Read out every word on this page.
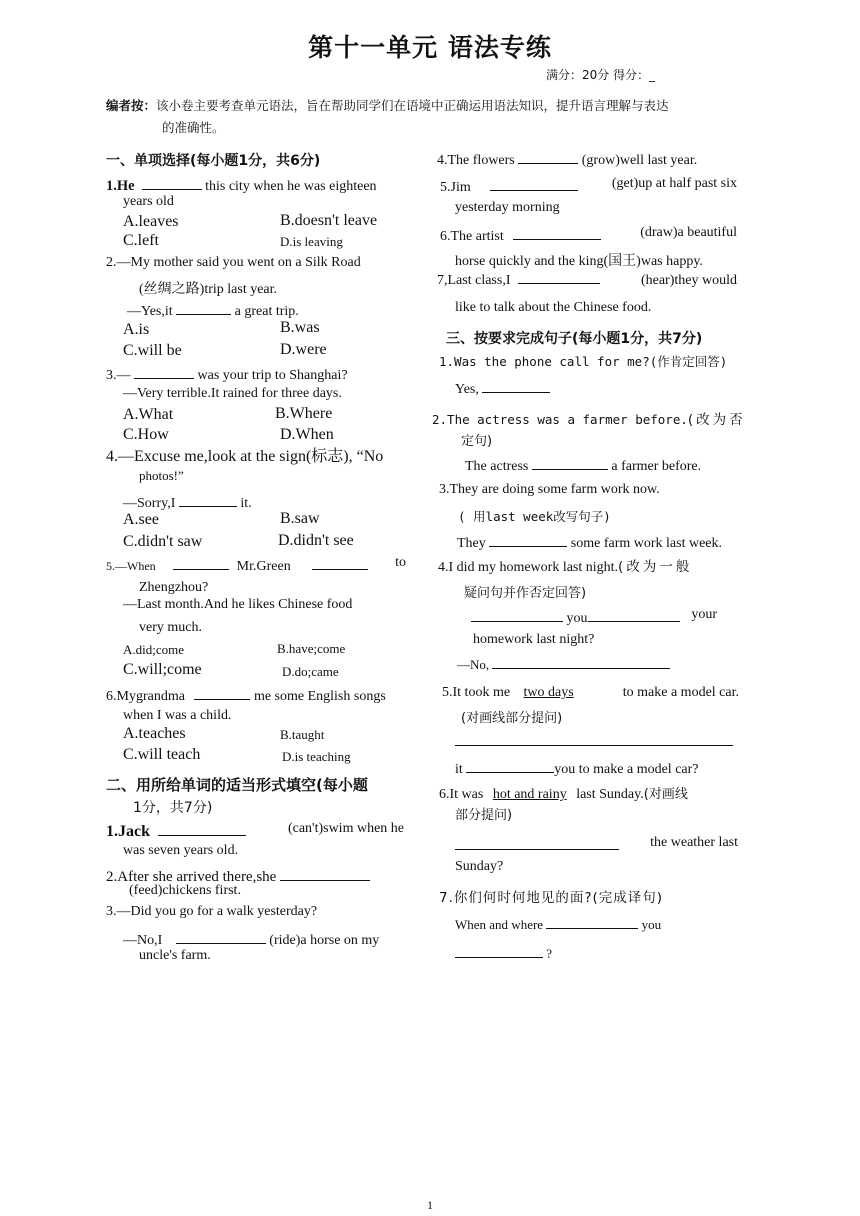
第十一单元 语法专练
满分：20分 得分：_
编者按：该小卷主要考查单元语法，旨在帮助同学们在语境中正确运用语法知识，提升语言理解与表达
的准确性。
一、单项选择(每小题1分，共6分)
1.He	this city when he was eighteen
years old
A.leaves	B.doesn't leave
C.left	D.is leaving
2.—My mother said you went on a Silk Road
(丝绸之路)trip last year.
—Yes,it	a great trip.
A.is	B.was
C.will be	D.were
3.—	was your trip to Shanghai?
—Very terrible.It rained for three days.
A.What	B.Where
C.How	D.When
4.—Excuse me,look at the sign(标志), “No
photos!”
—Sorry,I	it.
A.see	B.saw
C.didn't saw	D.didn't see
5.—When	Mr.Green	to
Zhengzhou?
—Last month.And he likes Chinese food
very much.
A.did;come	B.have;come
C.will;come	D.do;came
6.Mygrandma	me some English songs
when I was a child.
A.teaches	B.taught
C.will teach	D.is teaching
二、用所给单词的适当形式填空(每小题
1分，共7分)
1.Jack	(can't)swim when he
was seven years old.
2.After she arrived there,she
(feed)chickens first.
3.—Did you go for a walk yesterday?
—No,I	(ride)a horse on my
uncle's farm.
4.The flowers	(grow)well last year.
5.Jim	(get)up at half past six
yesterday morning
6.The artist	(draw)a beautiful
horse quickly and the king(国王)was happy.
7,Last class,I	(hear)they would
like to talk about the Chinese food.
三、按要求完成句子(每小题1分，共7分)
1.Was the phone call for me?(作肯定回答)
Yes,
2.The actress was a farmer before.(改为否
定句)
The actress	a farmer before.
3.They are doing some farm work now.
( 用last week改写句子)
They	some farm work last week.
4.I did my homework last night.(改为一般
疑问句并作否定回答)
you	your
homework last night?
—No,
5.It took me two days	to make a model car.
(对画线部分提问)
it	you to make a model car?
6.It was hot and rainy last Sunday.(对画线
部分提问)
the weather last
Sunday?
7.你们何时何地见的面?(完成译句)
When and where	you
?
1
